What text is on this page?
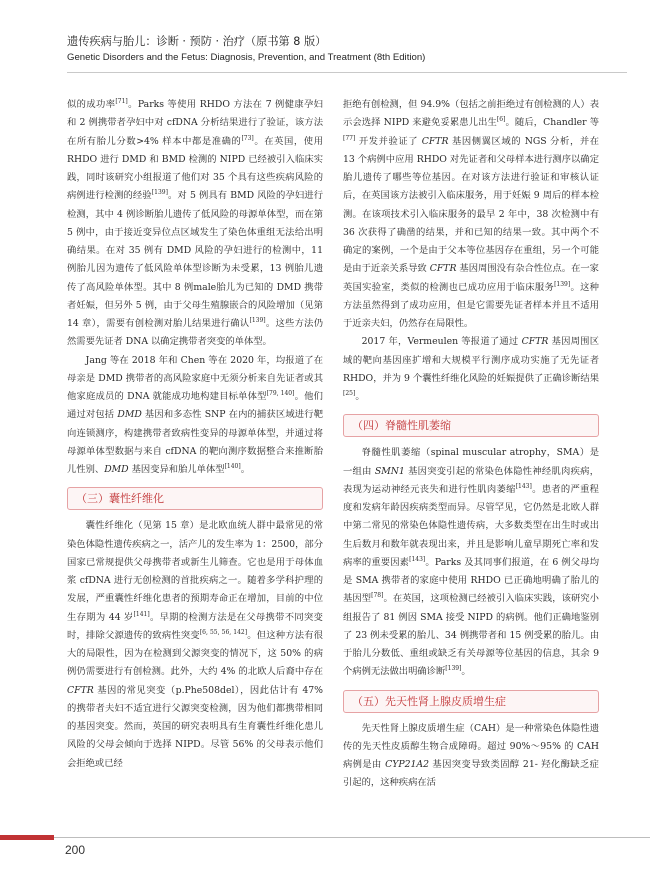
遗传疾病与胎儿：诊断 · 预防 · 治疗（原书第 8 版）
Genetic Disorders and the Fetus: Diagnosis, Prevention, and Treatment (8th Edition)

似的成功率[71]。Parks 等使用 RHDO 方法在 7 例健康孕妇和 2 例携带者孕妇中对 cfDNA 分析结果进行了验证，该方法在所有胎儿分数>4% 样本中都是准确的[73]。在英国，使用 RHDO 进行 DMD 和 BMD 检测的 NIPD 已经被引入临床实践，同时该研究小组报道了他们对 35 个具有这些疾病风险的病例进行检测的经验[139]。对 5 例具有 BMD 风险的孕妇进行检测，其中 4 例诊断胎儿遗传了低风险的母源单体型，而在第 5 例中，由于接近变异位点区域发生了染色体重组无法给出明确结果。在对 35 例有 DMD 风险的孕妇进行的检测中，11 例胎儿因为遗传了低风险单体型诊断为未受累，13 例胎儿遗传了高风险单体型。其中 8 例male胎儿为已知的 DMD 携带者妊娠，但另外 5 例，由于父母生殖腺嵌合的风险增加（见第 14 章），需要有创检测对胎儿结果进行确认[139]。这些方法仍然需要先证者 DNA 以确定携带者突变的单体型。

Jang 等在 2018 年和 Chen 等在 2020 年，均报道了在母亲是 DMD 携带者的高风险家庭中无须分析来自先证者或其他家庭成员的 DNA 就能成功地构建目标单体型[79, 140]。他们通过对包括 DMD 基因和多态性 SNP 在内的捕获区域进行靶向连锁测序，构建携带者致病性变异的母源单体型，并通过将母源单体型数据与来自 cfDNA 的靶向测序数据整合来推断胎儿性别、DMD 基因变异和胎儿单体型[140]。

（三）囊性纤维化

囊性纤维化（见第 15 章）是北欧血统人群中最常见的常染色体隐性遗传疾病之一，活产儿的发生率为 1：2500，部分国家已常规提供父母携带者或新生儿筛查。它也是用于母体血浆 cfDNA 进行无创检测的首批疾病之一。随着多学科护理的发展，严重囊性纤维化患者的预期寿命正在增加，目前的中位生存期为 44 岁[141]。早期的检测方法是在父母携带不同突变时，排除父源遗传的致病性突变[6, 55, 56, 142]。但这种方法有很大的局限性，因为在检测到父源突变的情况下，这 50% 的病例仍需要进行有创检测。此外，大约 4% 的北欧人后裔中存在 CFTR 基因的常见突变（p.Phe508del），因此估计有 47% 的携带者夫妇不适宜进行父源突变检测，因为他们都携带相同的基因突变。然而，英国的研究表明具有生育囊性纤维化患儿风险的父母会倾向于选择 NIPD。尽管 56% 的父母表示他们会拒绝或已经

拒绝有创检测，但 94.9%（包括之前拒绝过有创检测的人）表示会选择 NIPD 来避免妥累患儿出生[6]。随后，Chandler 等[77] 开发并验证了 CFTR 基因侧翼区域的 NGS 分析，并在 13 个病例中应用 RHDO 对先证者和父母样本进行测序以确定胎儿遗传了哪些等位基因。在对该方法进行验证和审核认证后，在英国该方法被引入临床服务，用于妊娠 9 周后的样本检测。在该项技术引入临床服务的最早 2 年中，38 次检测中有 36 次获得了确凿的结果，并和已知的结果一致。其中两个不确定的案例，一个是由于父本等位基因存在重组，另一个可能是由于近亲关系导致 CFTR 基因周围没有杂合性位点。在一家英国实验室，类似的检测也已成功应用于临床服务[139]。这种方法虽然得到了成功应用，但是它需要先证者样本并且不适用于近亲夫妇，仍然存在局限性。

2017 年，Vermeulen 等报道了通过 CFTR 基因周围区域的靶向基因座扩增和大规模平行测序成功实施了无先证者 RHDO，并为 9 个囊性纤维化风险的妊娠提供了正确诊断结果[25]。

（四）脊髓性肌萎缩

脊髓性肌萎缩（spinal muscular atrophy，SMA）是一组由 SMN1 基因突变引起的常染色体隐性神经肌肉疾病，表现为运动神经元丧失和进行性肌肉萎缩[143]。患者的严重程度和发病年龄因疾病类型而异。尽管罕见，它仍然是北欧人群中第二常见的常染色体隐性遗传病，大多数类型在出生时或出生后数月和数年就表现出来，并且是影响儿童早期死亡率和发病率的重要因素[143]。Parks 及其同事们报道，在 6 例父母均是 SMA 携带者的家庭中使用 RHDO 已正确地明确了胎儿的基因型[78]。在英国，这项检测已经被引入临床实践，该研究小组报告了 81 例因 SMA 接受 NIPD 的病例。他们正确地鉴别了 23 例未受累的胎儿、34 例携带者和 15 例受累的胎儿。由于胎儿分数低、重组或缺乏有关母源等位基因的信息，其余 9 个病例无法做出明确诊断[139]。

（五）先天性肾上腺皮质增生症

先天性肾上腺皮质增生症（CAH）是一种常染色体隐性遗传的先天性皮质醇生物合成障碍。超过 90%～95% 的 CAH 病例是由 CYP21A2 基因突变导致类固醇 21- 羟化酶缺乏症引起的，这种疾病在活

200
